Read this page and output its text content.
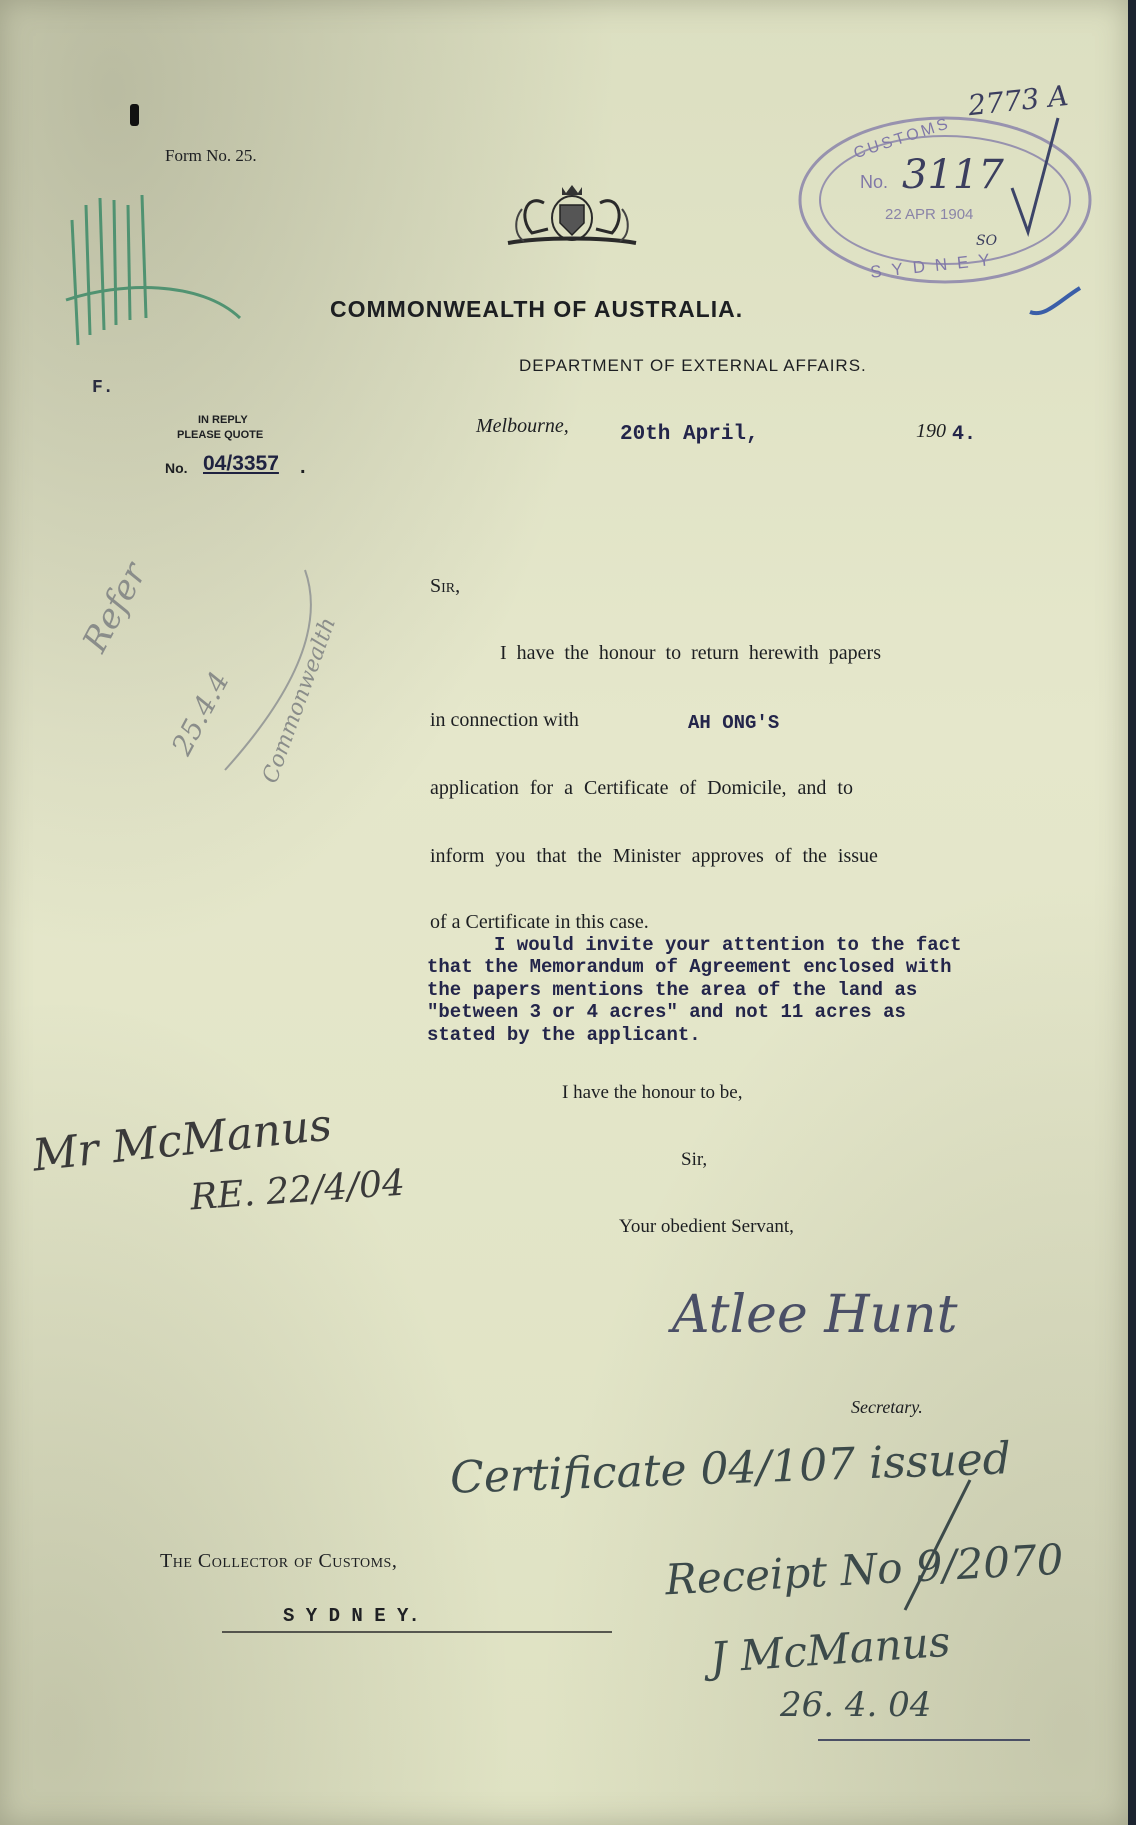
Form No. 25.
COMMONWEALTH OF AUSTRALIA.
DEPARTMENT OF EXTERNAL AFFAIRS.
F.
IN REPLY
PLEASE QUOTE
No. 04/3357 .
Melbourne, 20th April,	190 4.
CUSTOMS
No. 3117
22 APR 1904
SO
SYDNEY
2773 A
Sir,
I have the honour to return herewith papers
in connection with	AH ONG'S
application for a Certificate of Domicile, and to
inform you that the Minister approves of the issue
of a Certificate in this case.
I would invite your attention to the fact
that the Memorandum of Agreement enclosed with
the papers mentions the area of the land as
"between 3 or 4 acres" and not 11 acres as
stated by the applicant.
I have the honour to be,
Sir,
Your obedient Servant,
Atlee Hunt
Secretary.
Refer
25.4.4 Commonwealth
Mr McManus
RE. 22/4/04
The Collector of Customs,
S Y D N E Y.
Certificate 04/107 issued
Receipt No 9/2070
J McManus
26. 4. 04
